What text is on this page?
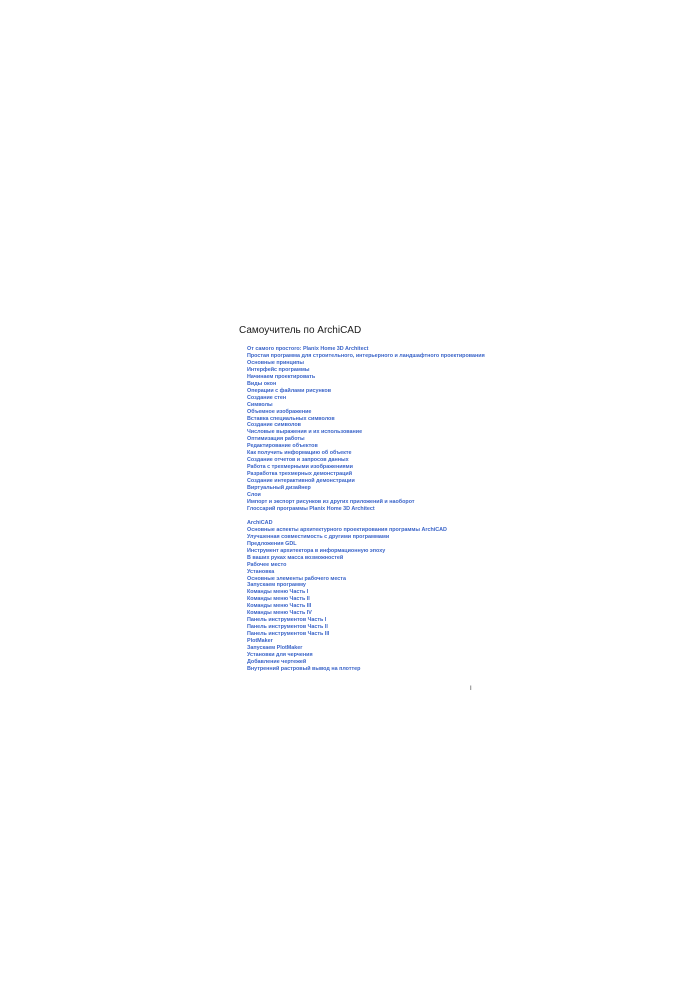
Самоучитель по ArchiCAD
От самого простого: Planix Home 3D Architect
Простая программа для строительного, интерьерного и ландшафтного проектирования
Основные принципы
Интерфейс программы
Начинаем проектировать
Виды окон
Операции с файлами рисунков
Создание стен
Символы
Объемное изображение
Вставка специальных символов
Создание символов
Числовые выражения и их использование
Оптимизация работы
Редактирование объектов
Как получить информацию об объекте
Создание отчетов и запросов данных
Работа с трехмерными изображениями
Разработка трехмерных демонстраций
Создание интерактивной демонстрации
Виртуальный дизайнер
Слои
Импорт и экспорт рисунков из других приложений и наоборот
Глоссарий программы Planix Home 3D Architect
ArchiCAD
Основные аспекты архитектурного проектирования программы ArchiCAD
Улучшенная совместимость с другими программами
Предложения GDL
Инструмент архитектора в информационную эпоху
В ваших руках масса возможностей
Рабочее место
Установка
Основные элементы рабочего места
Запускаем программу
Команды меню Часть I
Команды меню Часть II
Команды меню Часть III
Команды меню Часть IV
Панель инструментов Часть I
Панель инструментов Часть II
Панель инструментов Часть III
PlotMaker
Запускаем PlotMaker
Установки для черчения
Добавление чертежей
Внутренний растровый вывод на плоттер
I
